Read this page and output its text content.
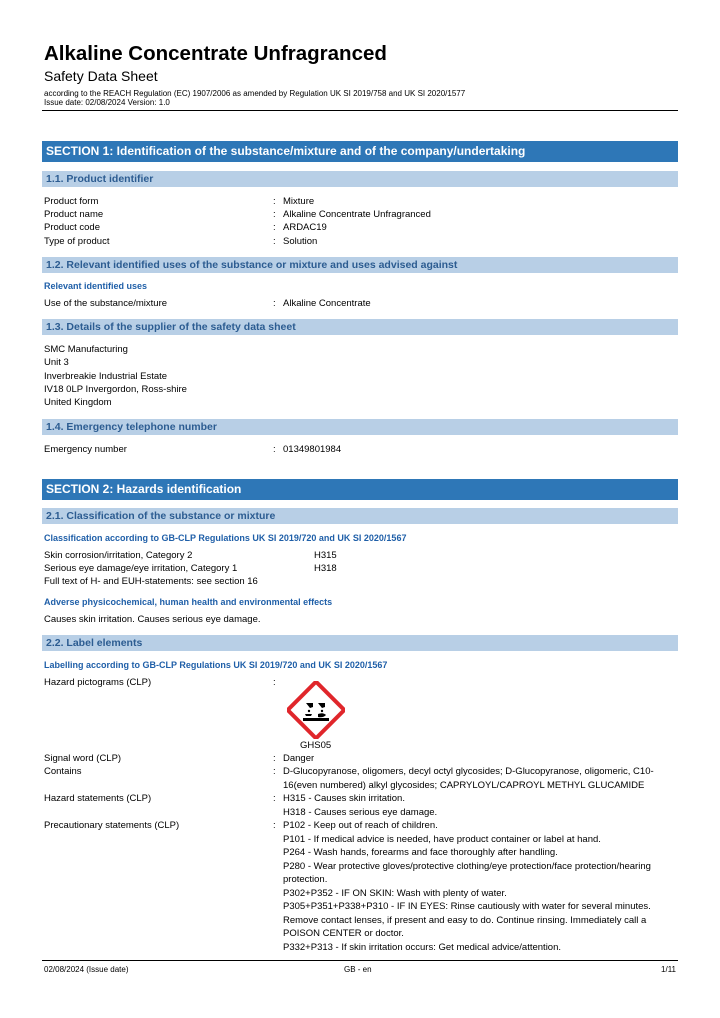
Alkaline Concentrate Unfragranced
Safety Data Sheet
according to the REACH Regulation (EC) 1907/2006 as amended by Regulation UK SI 2019/758 and UK SI 2020/1577
Issue date: 02/08/2024 Version: 1.0
SECTION 1: Identification of the substance/mixture and of the company/undertaking
1.1. Product identifier
Product form	: Mixture
Product name	: Alkaline Concentrate Unfragranced
Product code	: ARDAC19
Type of product	: Solution
1.2. Relevant identified uses of the substance or mixture and uses advised against
Relevant identified uses
Use of the substance/mixture	: Alkaline Concentrate
1.3. Details of the supplier of the safety data sheet
SMC Manufacturing
Unit 3
Inverbreakie Industrial Estate
IV18 0LP Invergordon, Ross-shire
United Kingdom
1.4. Emergency telephone number
Emergency number	: 01349801984
SECTION 2: Hazards identification
2.1. Classification of the substance or mixture
Classification according to GB-CLP Regulations UK SI 2019/720 and UK SI 2020/1567
Skin corrosion/irritation, Category 2	H315
Serious eye damage/eye irritation, Category 1	H318
Full text of H- and EUH-statements: see section 16
Adverse physicochemical, human health and environmental effects
Causes skin irritation. Causes serious eye damage.
2.2. Label elements
Labelling according to GB-CLP Regulations UK SI 2019/720 and UK SI 2020/1567
Hazard pictograms (CLP)	:
GHS05
Signal word (CLP)	: Danger
Contains	: D-Glucopyranose, oligomers, decyl octyl glycosides; D-Glucopyranose, oligomeric, C10-
16(even numbered) alkyl glycosides; CAPRYLOYL/CAPROYL METHYL GLUCAMIDE
Hazard statements (CLP)	: H315 - Causes skin irritation.
H318 - Causes serious eye damage.
Precautionary statements (CLP)	: P102 - Keep out of reach of children.
P101 - If medical advice is needed, have product container or label at hand.
P264 - Wash hands, forearms and face thoroughly after handling.
P280 - Wear protective gloves/protective clothing/eye protection/face protection/hearing
protection.
P302+P352 - IF ON SKIN: Wash with plenty of water.
P305+P351+P338+P310 - IF IN EYES: Rinse cautiously with water for several minutes.
Remove contact lenses, if present and easy to do. Continue rinsing. Immediately call a
POISON CENTER or doctor.
P332+P313 - If skin irritation occurs: Get medical advice/attention.
02/08/2024 (Issue date)	GB - en	1/11
